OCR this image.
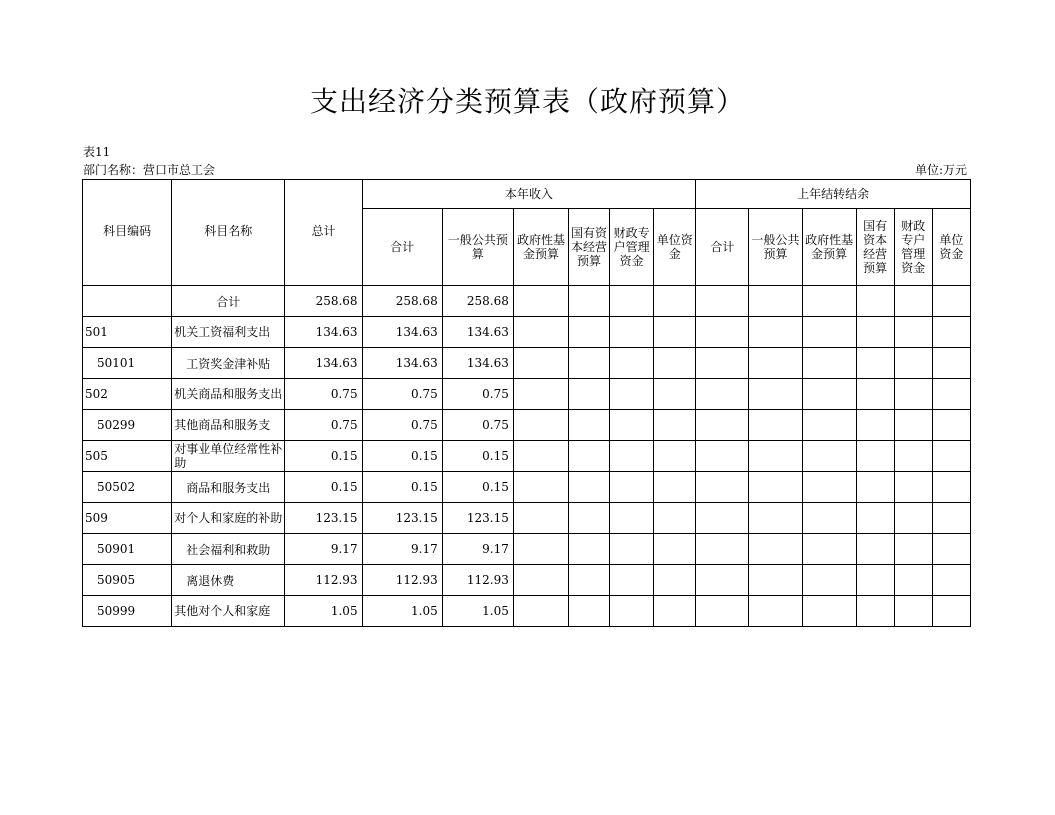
支出经济分类预算表（政府预算）
表11
部门名称：营口市总工会	单位:万元
科目编码	科目名称	总计	本年收入						上年结转结余					
			合计	一般公共预算	政府性基金预算	国有资本经营预算	财政专户管理资金	单位资金	合计	一般公共预算	政府性基金预算	国有资本经营预算	财政专户管理资金	单位资金
	合计	258.68	258.68	258.68										
501	机关工资福利支出	134.63	134.63	134.63										
50101	工资奖金津补贴	134.63	134.63	134.63										
502	机关商品和服务支出	0.75	0.75	0.75										
50299	其他商品和服务支	0.75	0.75	0.75										
505	对事业单位经常性补助	0.15	0.15	0.15										
50502	商品和服务支出	0.15	0.15	0.15										
509	对个人和家庭的补助	123.15	123.15	123.15										
50901	社会福利和救助	9.17	9.17	9.17										
50905	离退休费	112.93	112.93	112.93										
50999	其他对个人和家庭	1.05	1.05	1.05										
